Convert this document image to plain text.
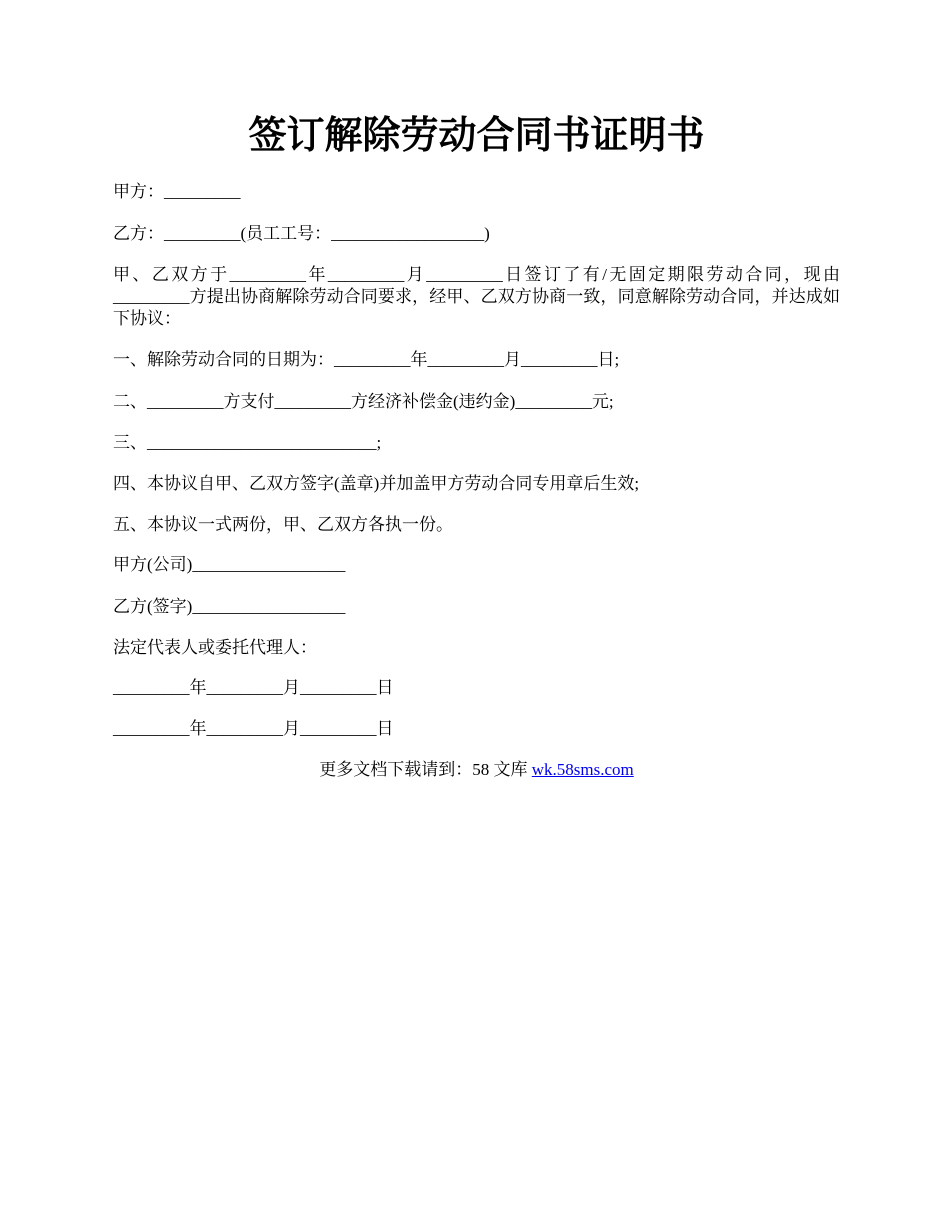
签订解除劳动合同书证明书
甲方：_________
乙方：_________(员工工号：__________________)
甲、乙双方于_________年_________月_________日签订了有/无固定期限劳动合同，现由_________方提出协商解除劳动合同要求，经甲、乙双方协商一致，同意解除劳动合同，并达成如下协议：
一、解除劳动合同的日期为：_________年_________月_________日;
二、_________方支付_________方经济补偿金(违约金)_________元;
三、___________________________;
四、本协议自甲、乙双方签字(盖章)并加盖甲方劳动合同专用章后生效;
五、本协议一式两份，甲、乙双方各执一份。
甲方(公司)__________________
乙方(签字)__________________
法定代表人或委托代理人：
_________年_________月_________日
_________年_________月_________日
更多文档下载请到：58 文库 wk.58sms.com
